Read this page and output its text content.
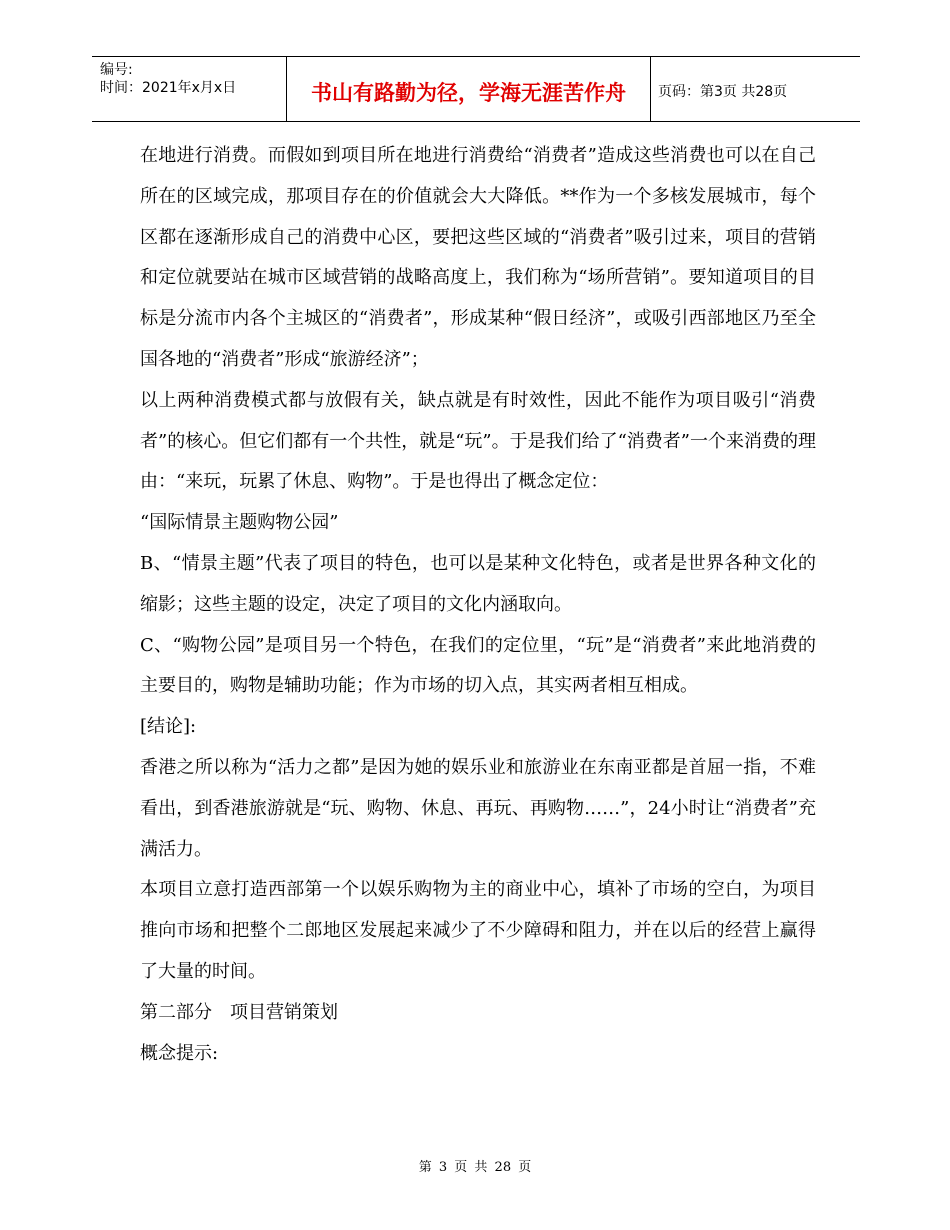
编号:
时间：2021年x月x日	书山有路勤为径，学海无涯苦作舟	页码：第3页 共28页

在地进行消费。而假如到项目所在地进行消费给“消费者”造成这些消费也可以在自己所在的区域完成，那项目存在的价值就会大大降低。**作为一个多核发展城市，每个区都在逐渐形成自己的消费中心区，要把这些区域的“消费者”吸引过来，项目的营销和定位就要站在城市区域营销的战略高度上，我们称为“场所营销”。要知道项目的目标是分流市内各个主城区的“消费者”，形成某种“假日经济”，或吸引西部地区乃至全国各地的“消费者”形成“旅游经济”；

以上两种消费模式都与放假有关，缺点就是有时效性，因此不能作为项目吸引“消费者”的核心。但它们都有一个共性，就是“玩”。于是我们给了“消费者”一个来消费的理由：“来玩，玩累了休息、购物”。于是也得出了概念定位：

“国际情景主题购物公园”

B、“情景主题”代表了项目的特色，也可以是某种文化特色，或者是世界各种文化的缩影；这些主题的设定，决定了项目的文化内涵取向。

C、“购物公园”是项目另一个特色，在我们的定位里，“玩”是“消费者”来此地消费的主要目的，购物是辅助功能；作为市场的切入点，其实两者相互相成。

[结论]:

香港之所以称为“活力之都”是因为她的娱乐业和旅游业在东南亚都是首屈一指，不难看出，到香港旅游就是“玩、购物、休息、再玩、再购物……”，24小时让“消费者”充满活力。

本项目立意打造西部第一个以娱乐购物为主的商业中心，填补了市场的空白，为项目推向市场和把整个二郎地区发展起来减少了不少障碍和阻力，并在以后的经营上赢得了大量的时间。

第二部分　项目营销策划

概念提示:

第 3 页 共 28 页
